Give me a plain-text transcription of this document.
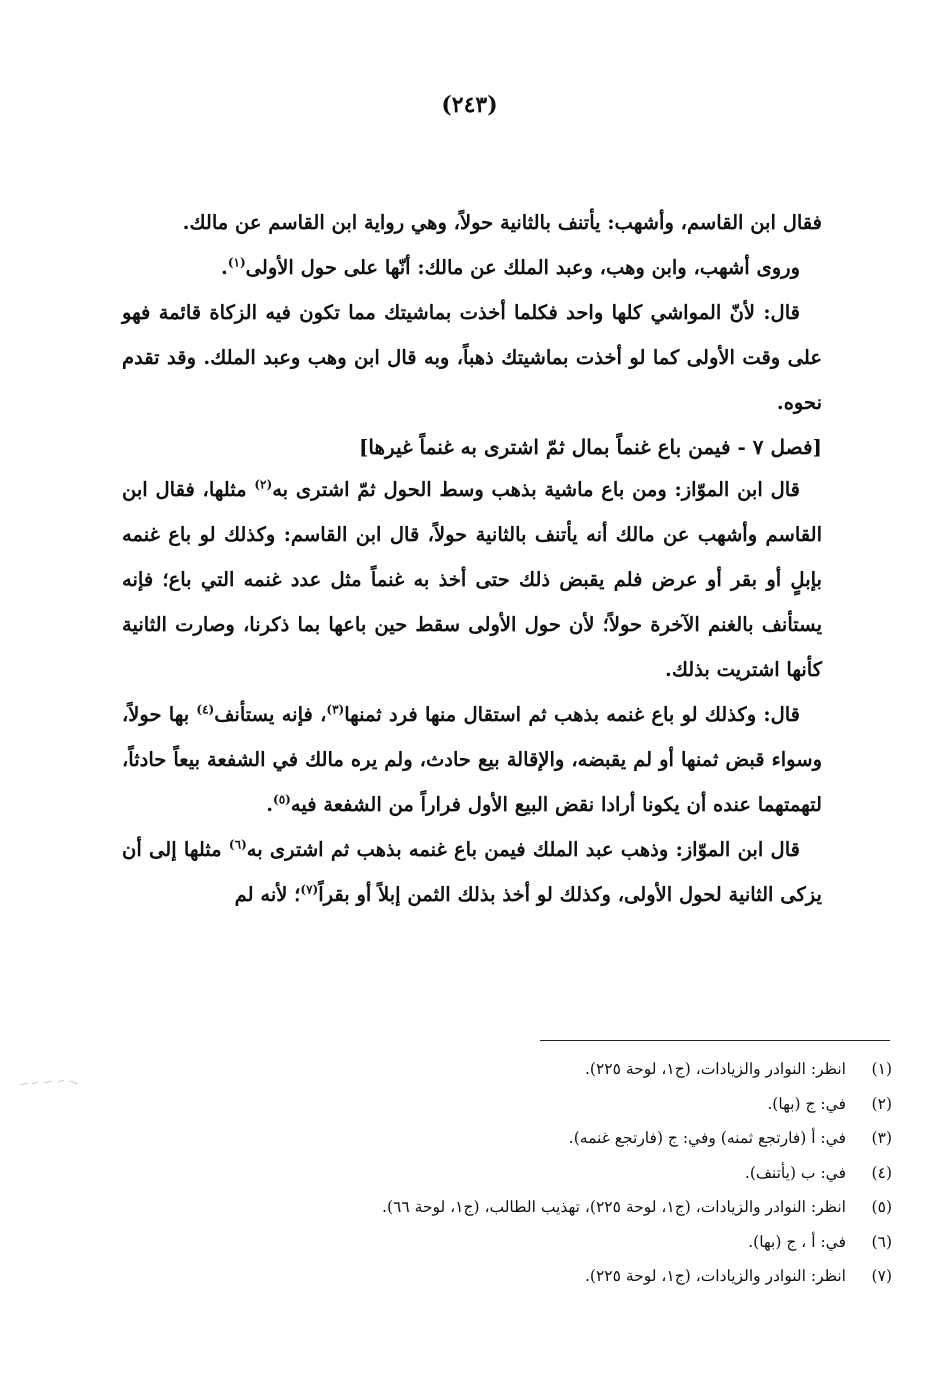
(٢٤٣)

فقال ابن القاسم، وأشهب: يأتنف بالثانية حولاً، وهي رواية ابن القاسم عن مالك.

وروى أشهب، وابن وهب، وعبد الملك عن مالك: أنّها على حول الأولى$^{(١)}$.

قال: لأنّ المواشي كلها واحد فكلما أخذت بماشيتك مما تكون فيه الزكاة قائمة فهو على وقت الأولى كما لو أخذت بماشيتك ذهباً، وبه قال ابن وهب وعبد الملك. وقد تقدم نحوه.

[فصل ٧ - فيمن باع غنماً بمال ثمّ اشترى به غنماً غيرها]

قال ابن الموّاز: ومن باع ماشية بذهب وسط الحول ثمّ اشترى به$^{(٢)}$ مثلها، فقال ابن القاسم وأشهب عن مالك أنه يأتنف بالثانية حولاً، قال ابن القاسم: وكذلك لو باع غنمه بإبلٍ أو بقر أو عرض فلم يقبض ذلك حتى أخذ به غنماً مثل عدد غنمه التي باع؛ فإنه يستأنف بالغنم الآخرة حولاً؛ لأن حول الأولى سقط حين باعها بما ذكرنا، وصارت الثانية كأنها اشتريت بذلك.

قال: وكذلك لو باع غنمه بذهب ثم استقال منها فرد ثمنها$^{(٣)}$، فإنه يستأنف$^{(٤)}$ بها حولاً، وسواء قبض ثمنها أو لم يقبضه، والإقالة بيع حادث، ولم يره مالك في الشفعة بيعاً حادثاً، لتهمتهما عنده أن يكونا أرادا نقض البيع الأول فراراً من الشفعة فيه$^{(٥)}$.

قال ابن الموّاز: وذهب عبد الملك فيمن باع غنمه بذهب ثم اشترى به$^{(٦)}$ مثلها إلى أن يزكى الثانية لحول الأولى، وكذلك لو أخذ بذلك الثمن إبلاً أو بقراً$^{(٧)}$؛ لأنه لم

(١)
انظر: النوادر والزيادات، (ج١، لوحة ٢٢٥).
(٢)
في: ج (بها).
(٣)
في: أ (فارتجع ثمنه) وفي: ج (فارتجع غنمه).
(٤)
في: ب (يأتنف).
(٥)
انظر: النوادر والزيادات، (ج١، لوحة ٢٢٥)، تهذيب الطالب، (ج١، لوحة ٦٦).
(٦)
في: أ ، ج (بها).
(٧)
انظر: النوادر والزيادات، (ج١، لوحة ٢٢٥).
